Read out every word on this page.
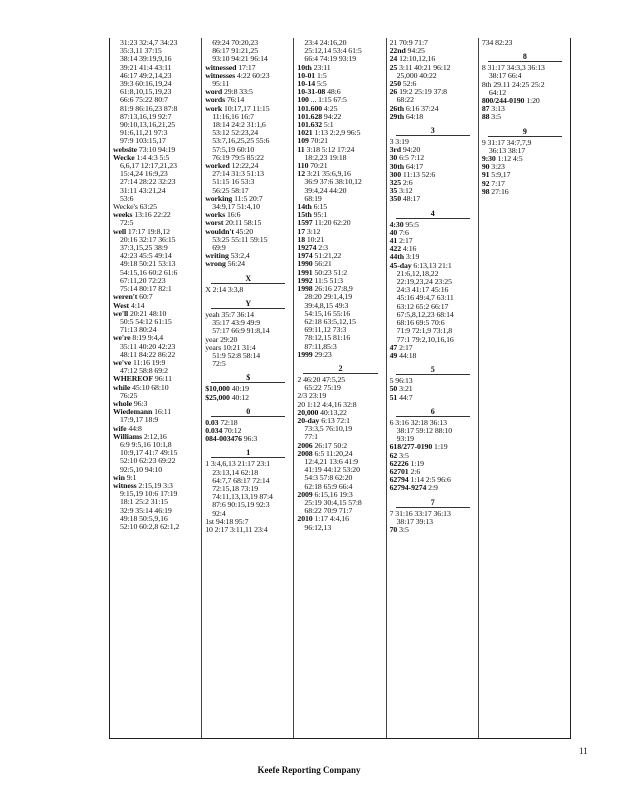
31:23 32:4,7 34:23
35:3,11 37:15
38:14 39:19,9,16
39:21 41:4 43:11
46:17 49:2,14,23
39:3 60:16,19,24
61:8,10,15,19,23
66:6 75:22 80:7
81:9 86:16,23 87:8
87:13,16,19 92:7
90:10,13,16,21,25
91:6,11,21 97:3
97:9 103:15,17
website 73:10 94:19
Wecke 1:4 4:3 5:5
6,6,17 12:17,21,23
15:4,24 16:9,23
27:14 28:22 32:23
31:11 43:21,24
53:6
Wecke's 63:25
weeks 13:16 22:22
72:5
well 17:17 19:8,12
20:16 32:17 36:15
37:3,15,25 38:9
42:23 45:5 49:14
49:18 50:21 53:13
54:15,16 60:2 61:6
67:11,20 72:23
75:14 80:17 82:1
weren't 60:7
West 4:14
we'll 20:21 48:10
50:5 54:12 61:15
71:13 80:24
we're 8:19 9:4,4
35:11 40:20 42:23
48:11 84:22 86:22
we've 11:16 19:9
47:12 58:8 69:2
WHEREOF 96:11
while 45:10 68:10
76:25
whole 96:3
Wiedemann 16:11
17:9,17 18:9
wife 44:8
Williams 2:12,16
6:9 9:5,16 10:1,8
10:9,17 41:7 49:15
52:10 62:23 69:22
92:5,10 94:10
win 9:1
witness 2:15,19 3:3
9:15,19 10:6 17:19
18:1 25:2 31:15
32:9 35:14 46:19
49:18 50:5,9,16
52:10 60:2,8 62:1,2
69:24 70:20,23
86:17 91:21,25
93:10 94:21 96:14
witnessed 17:17
witnesses 4:22 60:23
95:11
word 29:8 33:5
words 76:14
work 10:17,17 11:15
11:16,16 16:7
18:14 24:2 31:1,6
53:12 52:23,24
53:7,16,25,25 55:6
57:5,19 60:10
76:19 79:5 85:22
worked 12:22,24
27:14 31:3 51:13
51:15 16 53:3
56:25 58:17
working 11:5 20:7
34:9,17 51:4,10
works 16:6
worst 20:11 58:15
wouldn't 45:20
53:25 55:11 59:15
69:9
writing 53:2,4
wrong 56:24
X
X 2:14 3:3,8
Y
yeah 35:7 36:14
35:17 43:9 49:9
57:17 66:9 91:8,14
year 29:20
years 10:21 31:4
51:9 52:8 58:14
72:5
$
$10,000 40:19
$25,000 40:12
0
0.03 72:18
0.034 70:12
084-003476 96:3
1
1 3:4,6,13 21:17 23:1
23:13,14 62:18
64:7,7 68:17 72:14
72:15,18 73:19
74:11,13,13,19 87:4
87:6 90:15,19 92:3
92:4
1st 94:18 95:7
10 2:17 3:11,11 23:4
23:4 24:16,20
25:12,14 53:4 61:5
66:4 74:19 93:19
10th 23:11
10-01 1:5
10-14 5:5
10-31-08 48:6
100 ... 1:15 67:5
101.600 4:25
101.628 94:22
101.632 5:1
1021 1:13 2:2,9 96:5
109 70:21
11 3:18 5:12 17:24
18:2,23 19:18
110 70:21
12 3:21 35:6,9,16
36:9 37:6 38:10,12
39:4,24 44:20
68:19
14th 6:15
15th 95:1
1597 11:20 62:20
17 3:12
18 10:21
19274 2:3
1974 51:21,22
1990 56:21
1991 50:23 51:2
1992 11:5 51:3
1998 26:16 27:8,9
28:20 29:1,4,19
39:4,8,15 49:3
54:15,16 55:16
62:18 63:5,12,15
69:11,12 73:3
78:12,15 81:16
87:11,85:3
1999 29:23
2
2 46:20 47:5,25
65:22 75:19
2/3 23:19
20 1:12 4:4,16 32:8
20,000 40:13,22
20-day 6:13 72:1
73:3,5 76:10,19
77:1
2006 26:17 50:2
2008 6:5 11:20,24
12:4,21 13:6 41:9
41:19 44:12 53:20
54:3 57:8 62:20
62:18 65:9 66:4
2009 6:15,16 19:3
25:19 30:4,15 57:8
68:22 70:9 71:7
2010 1:17 4:4,16
96:12,13
21 70:9 71:7
22nd 94:25
24 12:10,12,16
25 3:11 40:21 96:12
25,000 40:22
250 52:6
26 19:2 25:19 37:8
68:22
26th 6:16 37:24
29th 64:18
3
3 3:19
3rd 94:20
30 6:5 7:12
30th 64:17
300 11:13 52:6
325 2:6
35 3:12
350 48:17
4
4:30 95:5
40 7:6
41 2:17
422 4:16
44th 3:19
45-day 6:13,13 21:1
21:6,12,18,22
22:19,23,24 23:25
24:3 41:17 45:16
45:16 49:4,7 63:11
63:12 65:2 66:17
67:5,8,12,23 68:14
68:16 69:5 70:6
71:9 72:1,9 73:1,8
77:1 79:2,10,16,16
47 2:17
49 44:18
5
5 96:13
50 3:21
51 44:7
6
6 3:16 32:18 36:13
38:17 59:12 88:10
93:19
618/277-0190 1:19
62 3:5
62226 1:19
62701 2:6
62794 1:14 2:5 96:6
62794-9274 2:9
7
7 31:16 33:17 36:13
38:17 39:13
70 3:5
734 82:23
8
8 31:17 34:3,3 36:13
38:17 66:4
8th 29.11 24:25 25:2
64:12
800/244-0190 1:20
87 3:13
88 3:5
9
9 31:17 34:7,7,9
36:13 38:17
9:30 1:12 4:5
90 3:23
91 5:9,17
92 7:17
98 27:16
11
Keefe Reporting Company
